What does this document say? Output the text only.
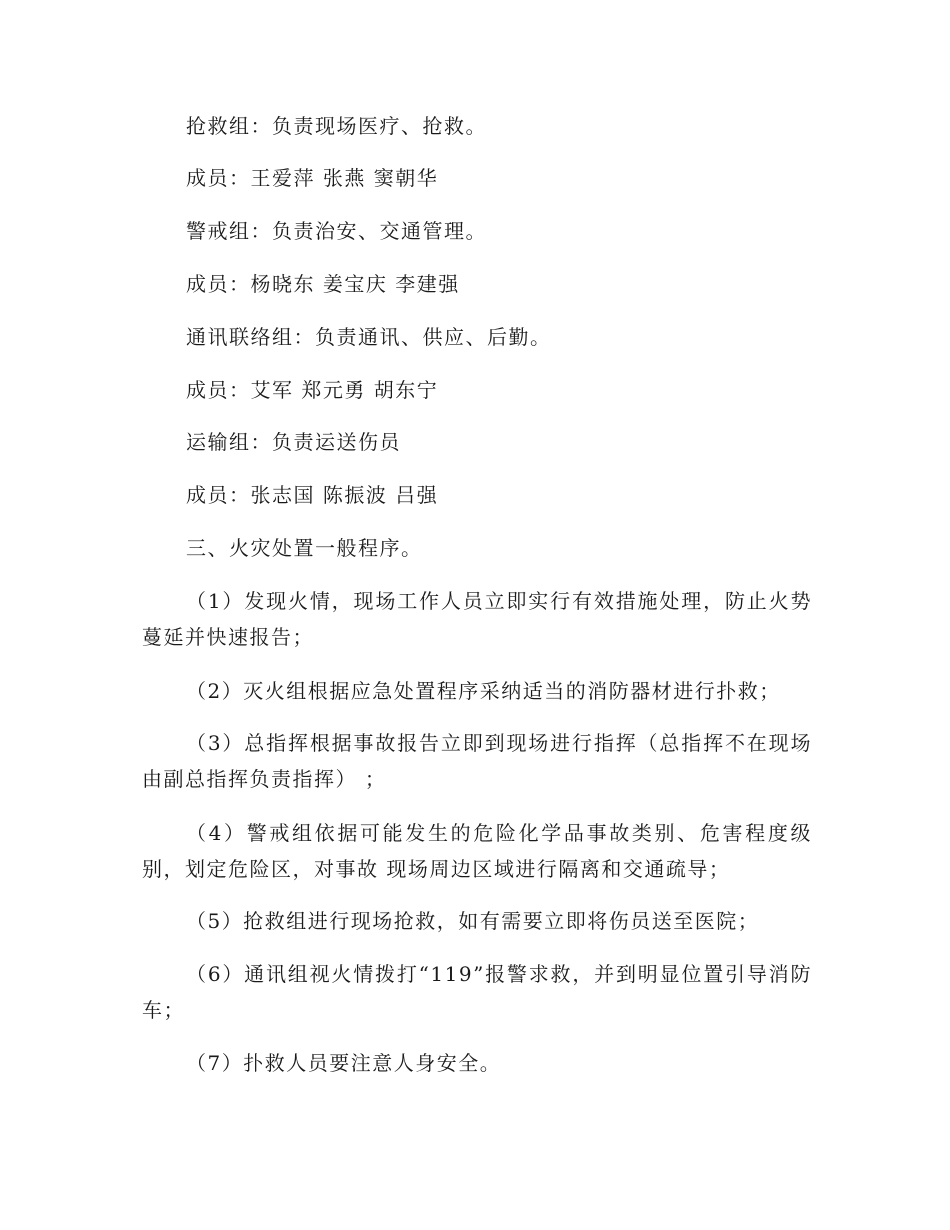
抢救组：负责现场医疗、抢救。
成员：王爱萍 张燕 窦朝华
警戒组：负责治安、交通管理。
成员：杨晓东 姜宝庆 李建强
通讯联络组：负责通讯、供应、后勤。
成员：艾军 郑元勇 胡东宁
运输组：负责运送伤员
成员：张志国 陈振波 吕强
三、火灾处置一般程序。
（1）发现火情，现场工作人员立即实行有效措施处理，防止火势蔓延并快速报告；
（2）灭火组根据应急处置程序采纳适当的消防器材进行扑救；
（3）总指挥根据事故报告立即到现场进行指挥（总指挥不在现场由副总指挥负责指挥） ；
（4）警戒组依据可能发生的危险化学品事故类别、危害程度级别，划定危险区，对事故 现场周边区域进行隔离和交通疏导；
（5）抢救组进行现场抢救，如有需要立即将伤员送至医院；
（6）通讯组视火情拨打“119”报警求救，并到明显位置引导消防车；
（7）扑救人员要注意人身安全。
